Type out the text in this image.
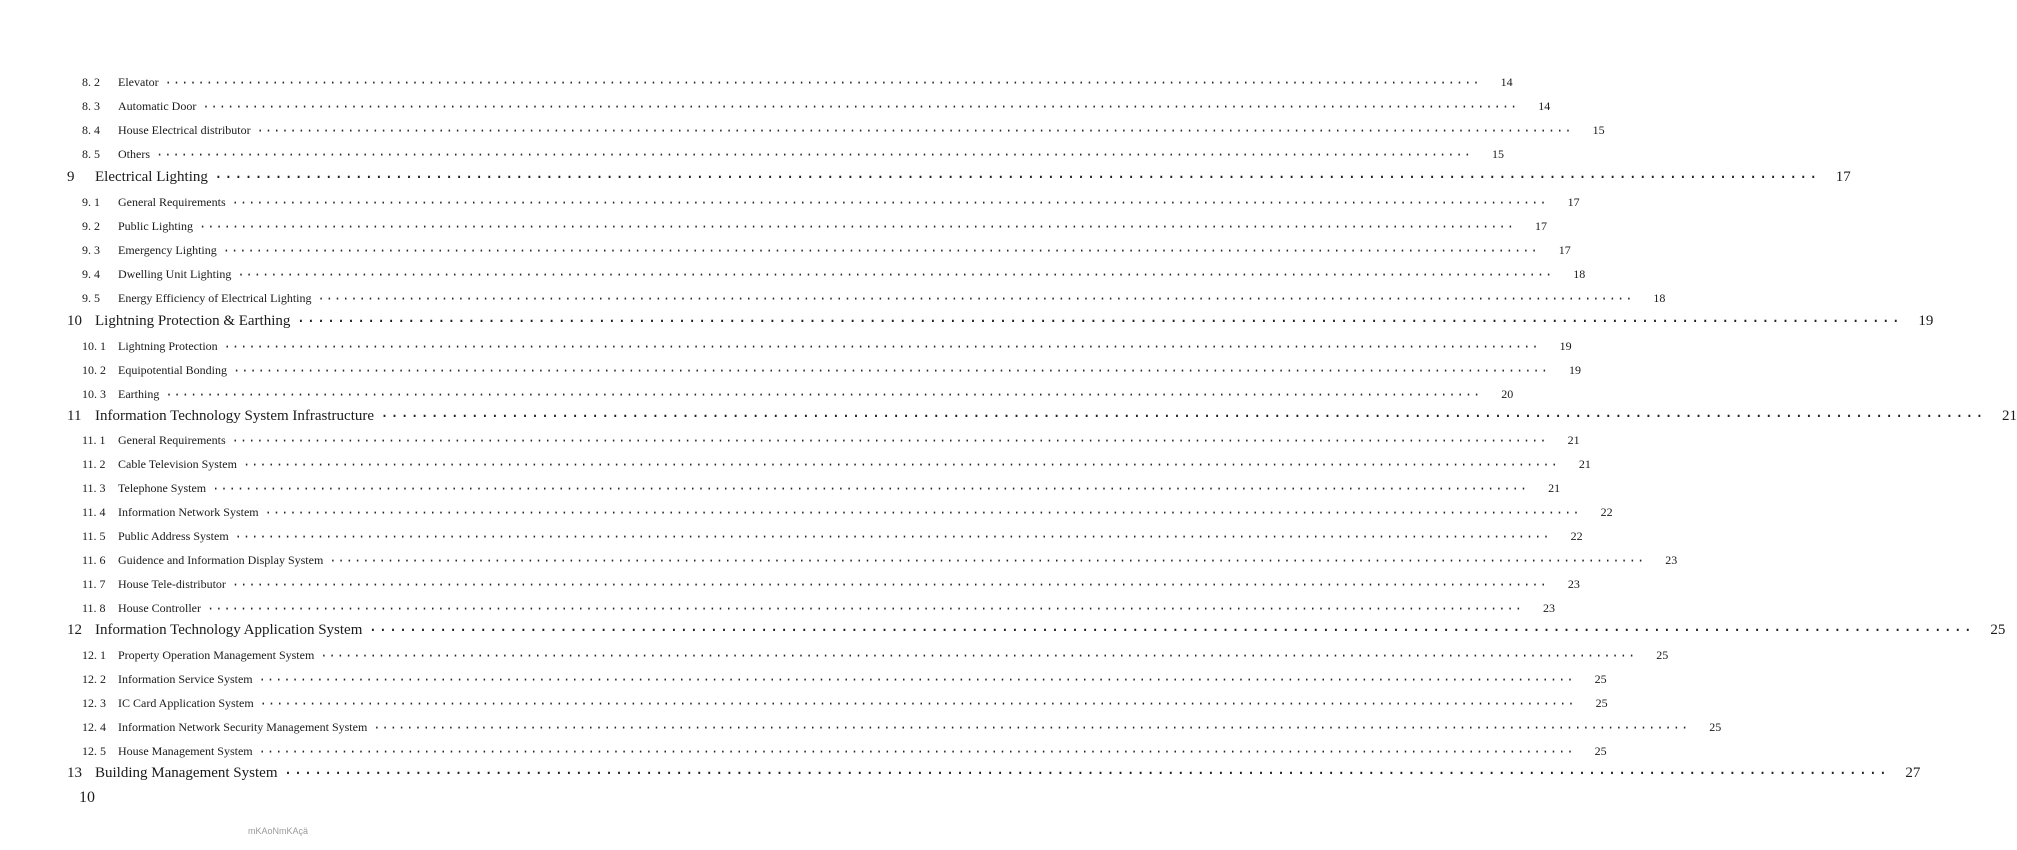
8. 2	Elevator ································································································································································	14
8. 3	Automatic Door ································································································································································	14
8. 4	House Electrical distributor ································································································································································	15
8. 5	Others ································································································································································	15
9	Electrical Lighting ································································································································································	17
9. 1	General Requirements ································································································································································	17
9. 2	Public Lighting ································································································································································	17
9. 3	Emergency Lighting ································································································································································	17
9. 4	Dwelling Unit Lighting ································································································································································	18
9. 5	Energy Efficiency of Electrical Lighting ································································································································································	18
10 Lightning Protection & Earthing ································································································································································	19
10. 1	Lightning Protection ································································································································································	19
10. 2	Equipotential Bonding ································································································································································	19
10. 3	Earthing ································································································································································	20
11 Information Technology System Infrastructure ································································································································································	21
11. 1	General Requirements ································································································································································	21
11. 2	Cable Television System ································································································································································	21
11. 3	Telephone System ································································································································································	21
11. 4	Information Network System ································································································································································	22
11. 5	Public Address System ································································································································································	22
11. 6	Guidence and Information Display System ································································································································································	23
11. 7	House Tele-distributor ································································································································································	23
11. 8	House Controller ································································································································································	23
12 Information Technology Application System ································································································································································	25
12. 1	Property Operation Management System ································································································································································	25
12. 2	Information Service System ································································································································································	25
12. 3	IC Card Application System ································································································································································	25
12. 4	Information Network Security Management System ································································································································································	25
12. 5	House Management System ································································································································································	25
13 Building Management System ································································································································································	27
10
mKAoNmKAçä
